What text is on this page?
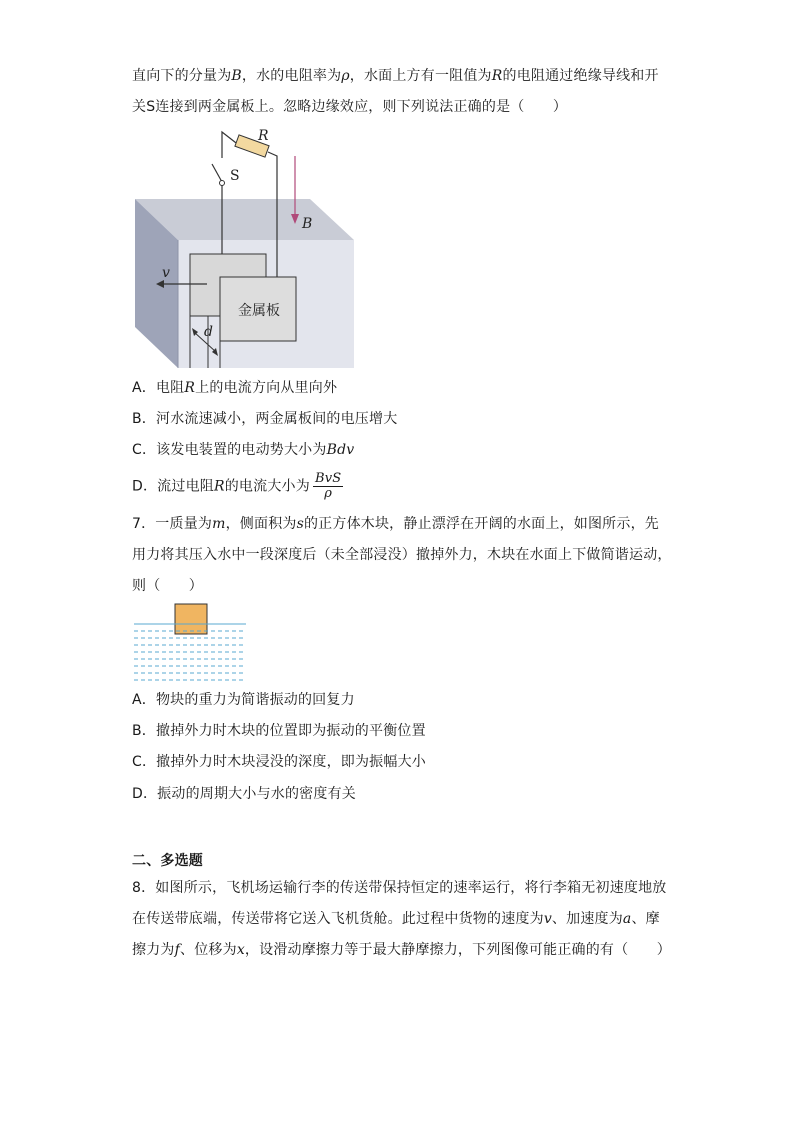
直向下的分量为B，水的电阻率为ρ，水面上方有一阻值为R的电阻通过绝缘导线和开
关S连接到两金属板上。忽略边缘效应，则下列说法正确的是（　　）
R
S
B
v
d
金属板
A．电阻R上的电流方向从里向外
B．河水流速减小，两金属板间的电压增大
C．该发电装置的电动势大小为Bdv
D．流过电阻R的电流大小为 $\frac{\text{BvS}}{\rho}$
7．一质量为m，侧面积为s的正方体木块，静止漂浮在开阔的水面上，如图所示，先
用力将其压入水中一段深度后（未全部浸没）撤掉外力，木块在水面上下做简谐运动，
则（　　）
A．物块的重力为简谐振动的回复力
B．撤掉外力时木块的位置即为振动的平衡位置
C．撤掉外力时木块浸没的深度，即为振幅大小
D．振动的周期大小与水的密度有关
二、多选题
8．如图所示，飞机场运输行李的传送带保持恒定的速率运行，将行李箱无初速度地放
在传送带底端，传送带将它送入飞机货舱。此过程中货物的速度为v、加速度为a、摩
擦力为f、位移为x，设滑动摩擦力等于最大静摩擦力，下列图像可能正确的有（　　）
